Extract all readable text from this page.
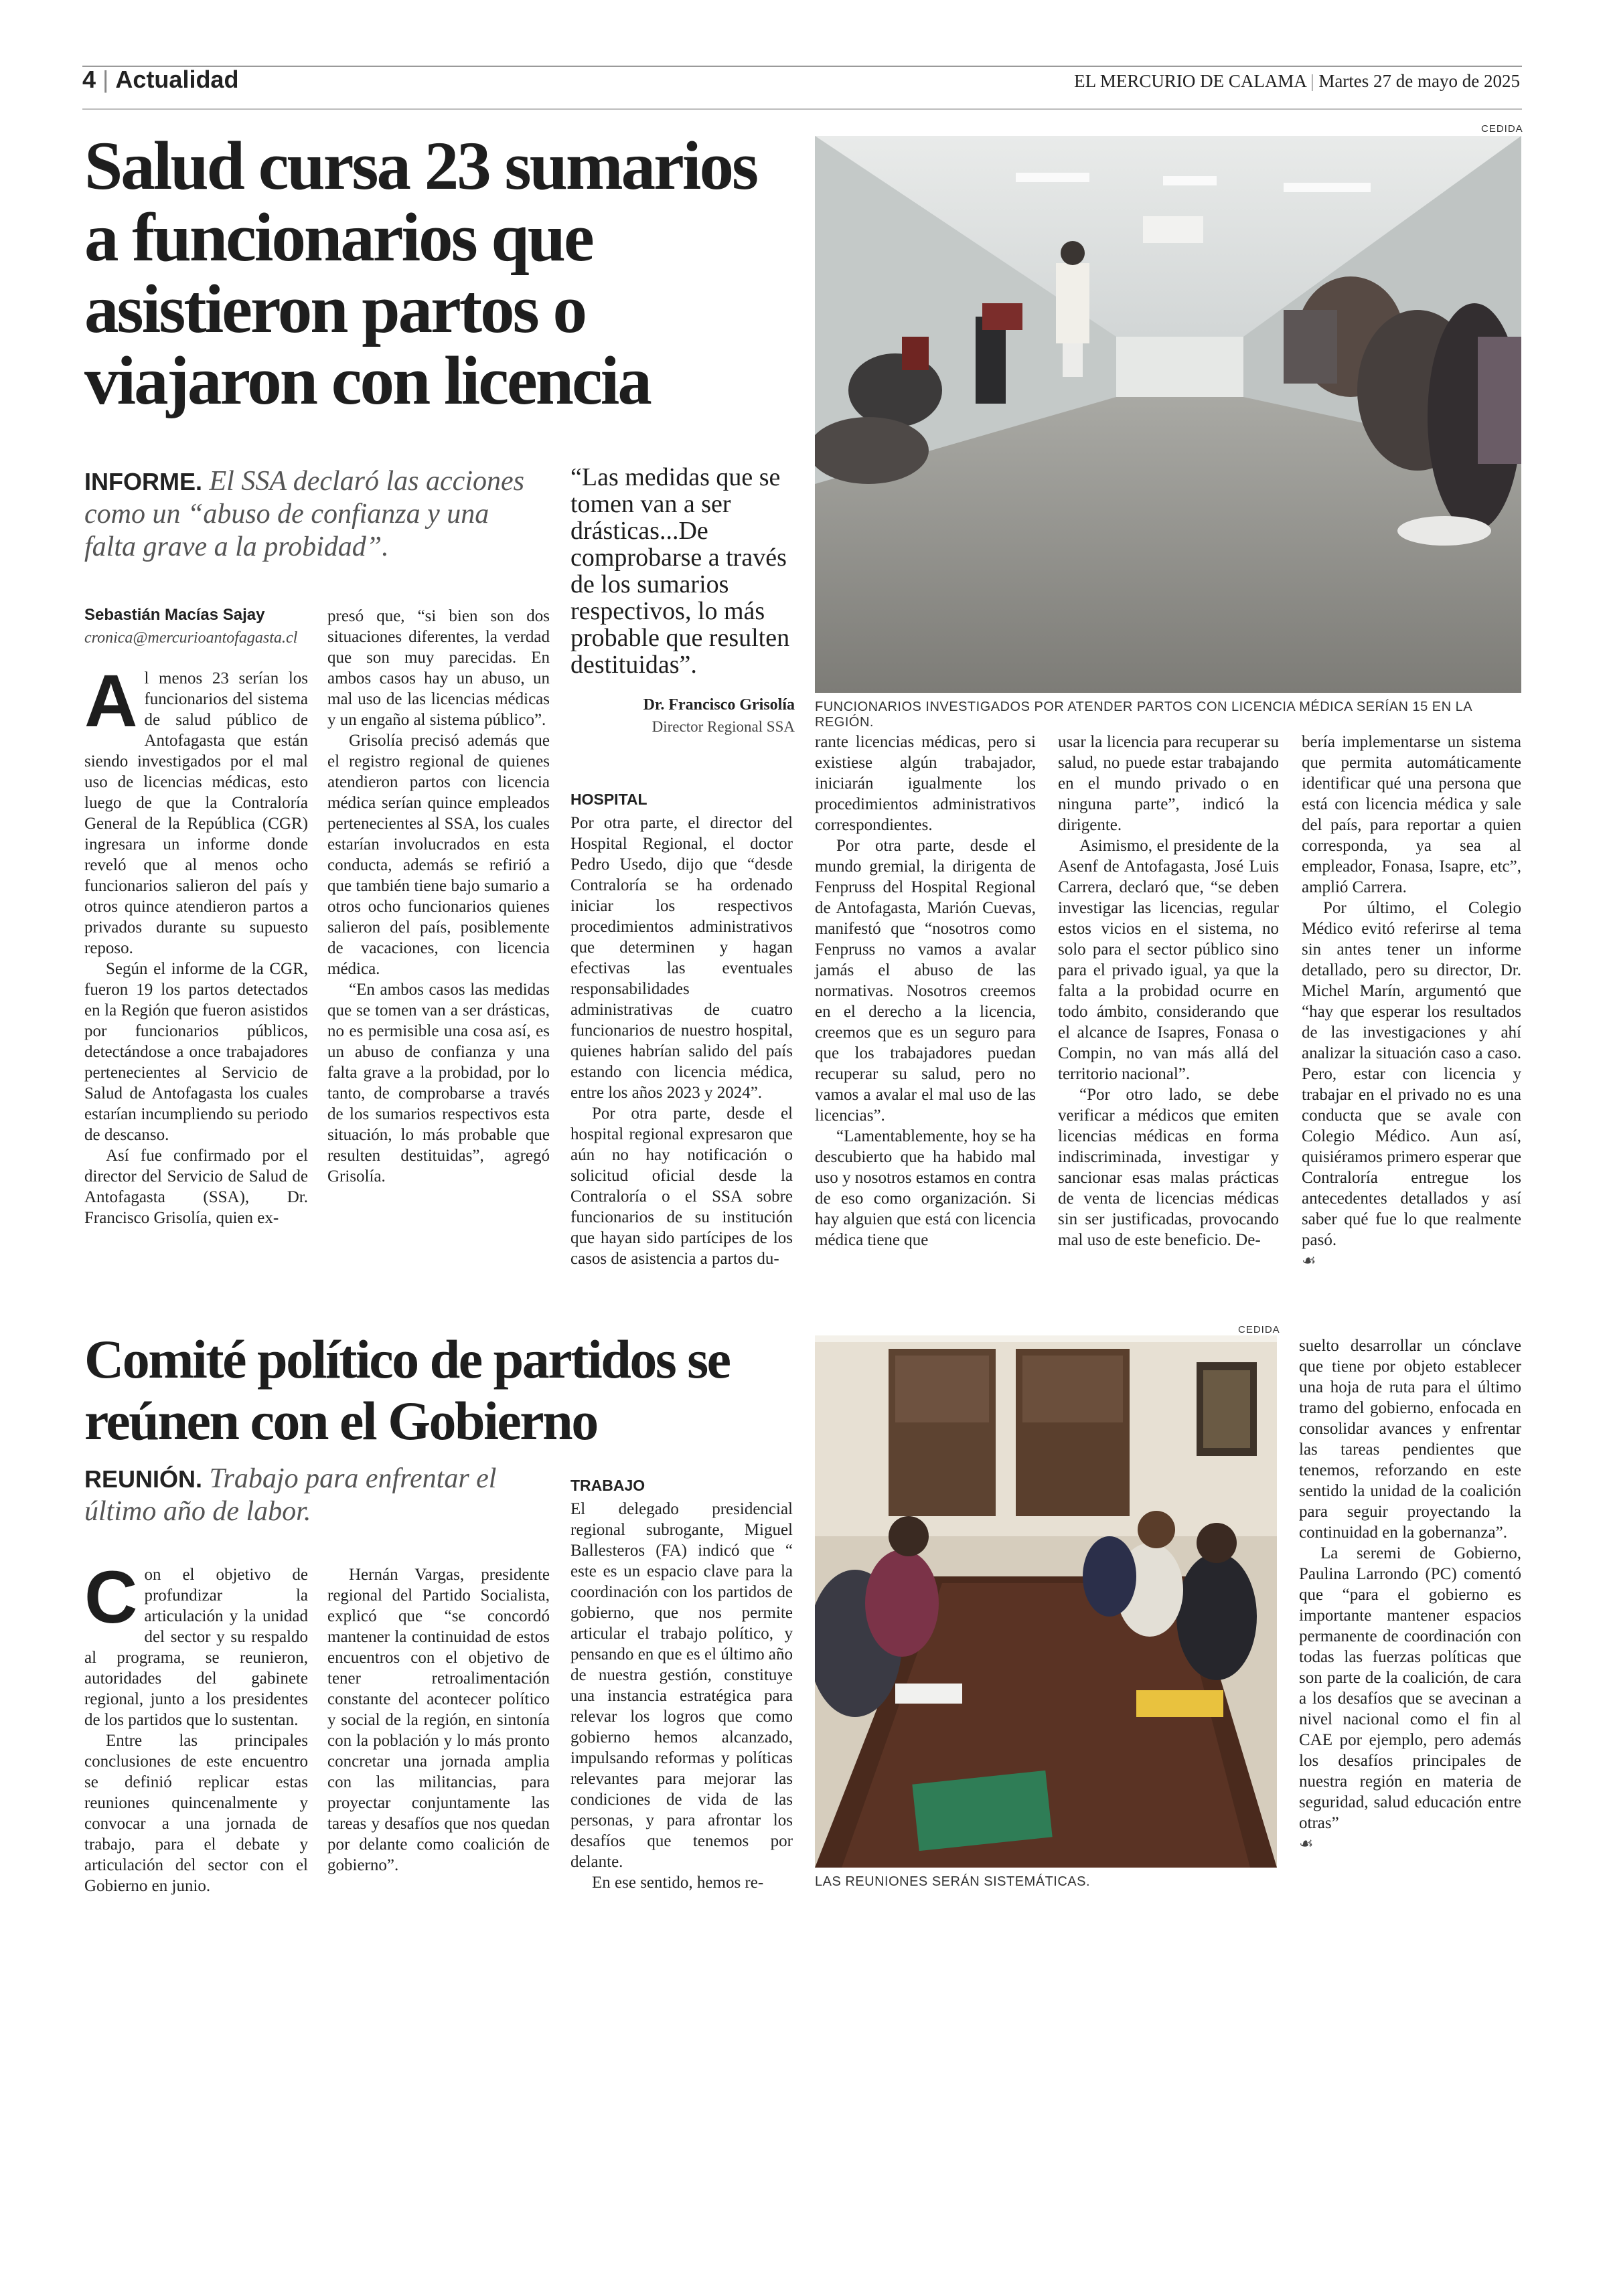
4 | Actualidad	EL MERCURIO DE CALAMA | Martes 27 de mayo de 2025
Salud cursa 23 sumarios a funcionarios que asistieron partos o viajaron con licencia
INFORME. El SSA declaró las acciones como un “abuso de confianza y una falta grave a la probidad”.
Sebastián Macías Sajay
cronica@mercurioantofagasta.cl
“Las medidas que se tomen van a ser drásticas...De comprobarse a través de los sumarios respectivos, lo más probable que resulten destituidas”.
Dr. Francisco Grisolía
Director Regional SSA
CEDIDA
FUNCIONARIOS INVESTIGADOS POR ATENDER PARTOS CON LICENCIA MÉDICA SERÍAN 15 EN LA REGIÓN.
A l menos 23 serían los funcionarios del sistema de salud público de Antofagasta que están siendo investigados por el mal uso de licencias médicas, esto luego de que la Contraloría General de la República (CGR) ingresara un informe donde reveló que al menos ocho funcionarios salieron del país y otros quince atendieron partos a privados durante su supuesto reposo.

Según el informe de la CGR, fueron 19 los partos detectados en la Región que fueron asistidos por funcionarios públicos, detectándose a once trabajadores pertenecientes al Servicio de Salud de Antofagasta los cuales estarían incumpliendo su periodo de descanso.

Así fue confirmado por el director del Servicio de Salud de Antofagasta (SSA), Dr. Francisco Grisolía, quien ex-

presó que, “si bien son dos situaciones diferentes, la verdad que son muy parecidas. En ambos casos hay un abuso, un mal uso de las licencias médicas y un engaño al sistema público”.

Grisolía precisó además que el registro regional de quienes atendieron partos con licencia médica serían quince empleados pertenecientes al SSA, los cuales estarían involucrados en esta conducta, además se refirió a que también tiene bajo sumario a otros ocho funcionarios quienes salieron del país, posiblemente de vacaciones, con licencia médica.

“En ambos casos las medidas que se tomen van a ser drásticas, no es permisible una cosa así, es un abuso de confianza y una falta grave a la probidad, por lo tanto, de comprobarse a través de los sumarios respectivos esta situación, lo más probable que resulten destituidas”, agregó Grisolía.

HOSPITAL

Por otra parte, el director del Hospital Regional, el doctor Pedro Usedo, dijo que “desde Contraloría se ha ordenado iniciar los respectivos procedimientos administrativos que determinen y hagan efectivas las eventuales responsabilidades administrativas de cuatro funcionarios de nuestro hospital, quienes habrían salido del país estando con licencia médica, entre los años 2023 y 2024”.

Por otra parte, desde el hospital regional expresaron que aún no hay notificación o solicitud oficial desde la Contraloría o el SSA sobre funcionarios de su institución que hayan sido partícipes de los casos de asistencia a partos du-

rante licencias médicas, pero si existiese algún trabajador, iniciarán igualmente los procedimientos administrativos correspondientes.

Por otra parte, desde el mundo gremial, la dirigenta de Fenpruss del Hospital Regional de Antofagasta, Marión Cuevas, manifestó que “nosotros como Fenpruss no vamos a avalar jamás el abuso de las normativas. Nosotros creemos en el derecho a la licencia, creemos que es un seguro para que los trabajadores puedan recuperar su salud, pero no vamos a avalar el mal uso de las licencias”.

“Lamentablemente, hoy se ha descubierto que ha habido mal uso y nosotros estamos en contra de eso como organización. Si hay alguien que está con licencia médica tiene que

usar la licencia para recuperar su salud, no puede estar trabajando en el mundo privado o en ninguna parte”, indicó la dirigente.

Asimismo, el presidente de la Asenf de Antofagasta, José Luis Carrera, declaró que, “se deben investigar las licencias, regular estos vicios en el sistema, no solo para el sector público sino para el privado igual, ya que la falta a la probidad ocurre en todo ámbito, considerando que el alcance de Isapres, Fonasa o Compin, no van más allá del territorio nacional”.

“Por otro lado, se debe verificar a médicos que emiten licencias médicas en forma indiscriminada, investigar y sancionar esas malas prácticas de venta de licencias médicas sin ser justificadas, provocando mal uso de este beneficio. De-

bería implementarse un sistema que permita automáticamente identificar qué una persona que está con licencia médica y sale del país, para reportar a quien corresponda, ya sea al empleador, Fonasa, Isapre, etc”, amplió Carrera.

Por último, el Colegio Médico evitó referirse al tema sin antes tener un informe detallado, pero su director, Dr. Michel Marín, argumentó que “hay que esperar los resultados de las investigaciones y ahí analizar la situación caso a caso. Pero, estar con licencia y trabajar en el privado no es una conducta que se avale con Colegio Médico. Aun así, quisiéramos primero esperar que Contraloría entregue los antecedentes detallados y así saber qué fue lo que realmente pasó.

☙
Comité político de partidos se reúnen con el Gobierno
REUNIÓN. Trabajo para enfrentar el último año de labor.
CEDIDA
LAS REUNIONES SERÁN SISTEMÁTICAS.
C on el objetivo de profundizar la articulación y la unidad del sector y su respaldo al programa, se reunieron, autoridades del gabinete regional, junto a los presidentes de los partidos que lo sustentan.

Entre las principales conclusiones de este encuentro se definió replicar estas reuniones quincenalmente y convocar a una jornada de trabajo, para el debate y articulación del sector con el Gobierno en junio.

Hernán Vargas, presidente regional del Partido Socialista, explicó que “se concordó mantener la continuidad de estos encuentros con el objetivo de tener retroalimentación constante del acontecer político y social de la región, en sintonía con la población y lo más pronto concretar una jornada amplia con las militancias, para proyectar conjuntamente las tareas y desafíos que nos quedan por delante como coalición de gobierno”.

TRABAJO

El delegado presidencial regional subrogante, Miguel Ballesteros (FA) indicó que “ este es un espacio clave para la coordinación con los partidos de gobierno, que nos permite articular el trabajo político, y pensando en que es el último año de nuestra gestión, constituye una instancia estratégica para relevar los logros que como gobierno hemos alcanzado, impulsando reformas y políticas relevantes para mejorar las condiciones de vida de las personas, y para afrontar los desafíos que tenemos por delante.

En ese sentido, hemos re-

suelto desarrollar un cónclave que tiene por objeto establecer una hoja de ruta para el último tramo del gobierno, enfocada en consolidar avances y enfrentar las tareas pendientes que tenemos, reforzando en este sentido la unidad de la coalición para seguir proyectando la continuidad en la gobernanza”.

La seremi de Gobierno, Paulina Larrondo (PC) comentó que “para el gobierno es importante mantener espacios permanente de coordinación con todas las fuerzas políticas que son parte de la coalición, de cara a los desafíos que se avecinan a nivel nacional como el fin al CAE por ejemplo, pero además los desafíos principales de nuestra región en materia de seguridad, salud educación entre otras”

☙
